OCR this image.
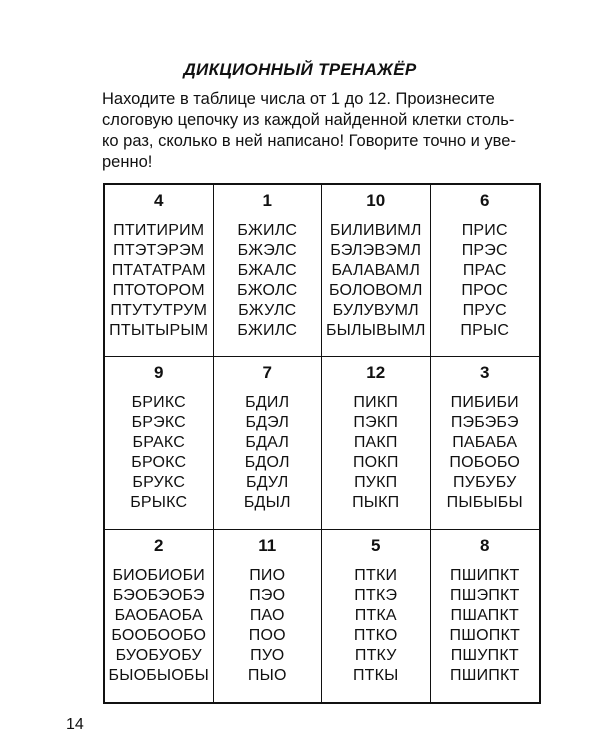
ДИКЦИОННЫЙ ТРЕНАЖЁР
Находите в таблице числа от 1 до 12. Произнесите
слоговую цепочку из каждой найденной клетки столь-
ко раз, сколько в ней написано! Говорите точно и уве-
ренно!
4
ПТИТИРИМ
ПТЭТЭРЭМ
ПТАТАТРАМ
ПТОТОРОМ
ПТУТУТРУМ
ПТЫТЫРЫМ
1
БЖИЛС
БЖЭЛС
БЖАЛС
БЖОЛС
БЖУЛС
БЖИЛС
10
БИЛИВИМЛ
БЭЛЭВЭМЛ
БАЛАВАМЛ
БОЛОВОМЛ
БУЛУВУМЛ
БЫЛЫВЫМЛ
6
ПРИС
ПРЭС
ПРАС
ПРОС
ПРУС
ПРЫС
9
БРИКС
БРЭКС
БРАКС
БРОКС
БРУКС
БРЫКС
7
БДИЛ
БДЭЛ
БДАЛ
БДОЛ
БДУЛ
БДЫЛ
12
ПИКП
ПЭКП
ПАКП
ПОКП
ПУКП
ПЫКП
3
ПИБИБИ
ПЭБЭБЭ
ПАБАБА
ПОБОБО
ПУБУБУ
ПЫБЫБЫ
2
БИОБИОБИ
БЭОБЭОБЭ
БАОБАОБА
БООБООБО
БУОБУОБУ
БЫОБЫОБЫ
11
ПИО
ПЭО
ПАО
ПОО
ПУО
ПЫО
5
ПТКИ
ПТКЭ
ПТКА
ПТКО
ПТКУ
ПТКЫ
8
ПШИПКТ
ПШЭПКТ
ПШАПКТ
ПШОПКТ
ПШУПКТ
ПШИПКТ
14
